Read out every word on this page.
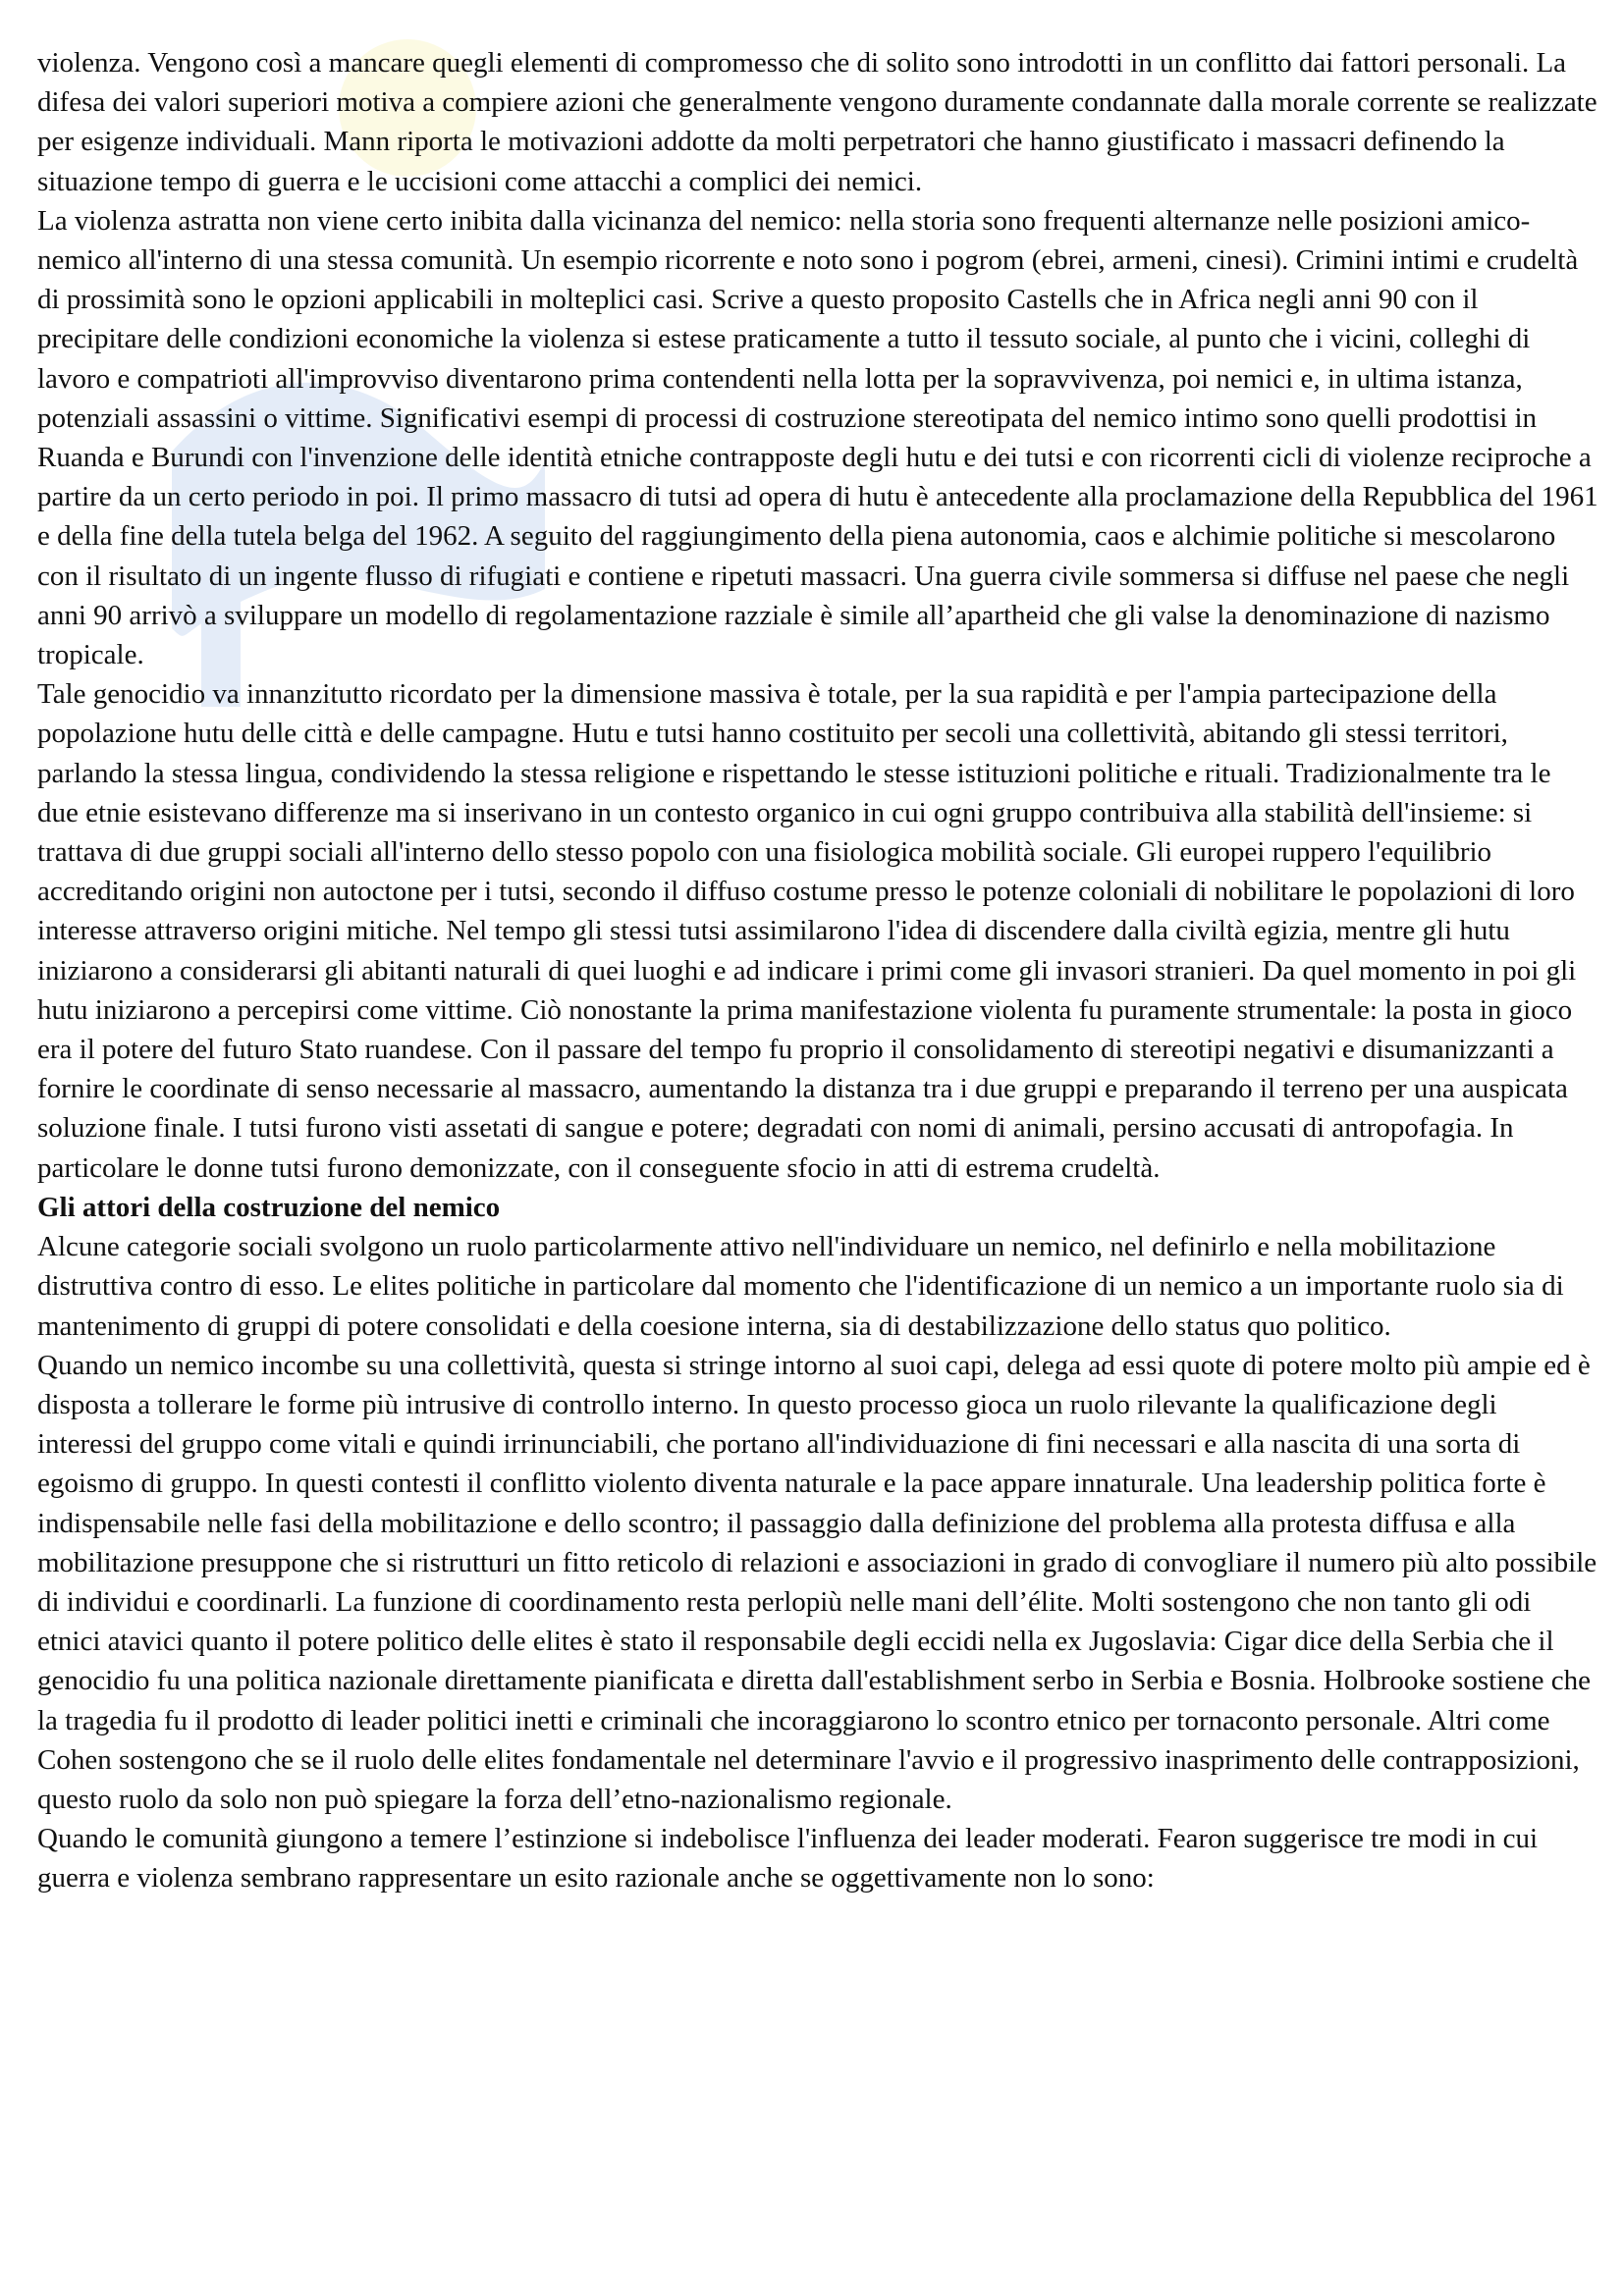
violenza. Vengono così a mancare quegli elementi di compromesso che di solito sono introdotti in un conflitto dai fattori personali. La difesa dei valori superiori motiva a compiere azioni che generalmente vengono duramente condannate dalla morale corrente se realizzate per esigenze individuali. Mann riporta le motivazioni addotte da molti perpetratori che hanno giustificato i massacri definendo la situazione tempo di guerra e le uccisioni come attacchi a complici dei nemici.

La violenza astratta non viene certo inibita dalla vicinanza del nemico: nella storia sono frequenti alternanze nelle posizioni amico-nemico all'interno di una stessa comunità. Un esempio ricorrente e noto sono i pogrom (ebrei, armeni, cinesi). Crimini intimi e crudeltà di prossimità sono le opzioni applicabili in molteplici casi. Scrive a questo proposito Castells che in Africa negli anni 90 con il precipitare delle condizioni economiche la violenza si estese praticamente a tutto il tessuto sociale, al punto che i vicini, colleghi di lavoro e compatrioti all'improvviso diventarono prima contendenti nella lotta per la sopravvivenza, poi nemici e, in ultima istanza, potenziali assassini o vittime. Significativi esempi di processi di costruzione stereotipata del nemico intimo sono quelli prodottisi in Ruanda e Burundi con l'invenzione delle identità etniche contrapposte degli hutu e dei tutsi e con ricorrenti cicli di violenze reciproche a partire da un certo periodo in poi. Il primo massacro di tutsi ad opera di hutu è antecedente alla proclamazione della Repubblica del 1961 e della fine della tutela belga del 1962. A seguito del raggiungimento della piena autonomia, caos e alchimie politiche si mescolarono con il risultato di un ingente flusso di rifugiati e contiene e ripetuti massacri. Una guerra civile sommersa si diffuse nel paese che negli anni 90 arrivò a sviluppare un modello di regolamentazione razziale è simile all’apartheid che gli valse la denominazione di nazismo tropicale.

Tale genocidio va innanzitutto ricordato per la dimensione massiva è totale, per la sua rapidità e per l'ampia partecipazione della popolazione hutu delle città e delle campagne. Hutu e tutsi hanno costituito per secoli una collettività, abitando gli stessi territori, parlando la stessa lingua, condividendo la stessa religione e rispettando le stesse istituzioni politiche e rituali. Tradizionalmente tra le due etnie esistevano differenze ma si inserivano in un contesto organico in cui ogni gruppo contribuiva alla stabilità dell'insieme: si trattava di due gruppi sociali all'interno dello stesso popolo con una fisiologica mobilità sociale. Gli europei ruppero l'equilibrio accreditando origini non autoctone per i tutsi, secondo il diffuso costume presso le potenze coloniali di nobilitare le popolazioni di loro interesse attraverso origini mitiche. Nel tempo gli stessi tutsi assimilarono l'idea di discendere dalla civiltà egizia, mentre gli hutu iniziarono a considerarsi gli abitanti naturali di quei luoghi e ad indicare i primi come gli invasori stranieri. Da quel momento in poi gli hutu iniziarono a percepirsi come vittime. Ciò nonostante la prima manifestazione violenta fu puramente strumentale: la posta in gioco era il potere del futuro Stato ruandese. Con il passare del tempo fu proprio il consolidamento di stereotipi negativi e disumanizzanti a fornire le coordinate di senso necessarie al massacro, aumentando la distanza tra i due gruppi e preparando il terreno per una auspicata soluzione finale. I tutsi furono visti assetati di sangue e potere; degradati con nomi di animali, persino accusati di antropofagia. In particolare le donne tutsi furono demonizzate, con il conseguente sfocio in atti di estrema crudeltà.

Gli attori della costruzione del nemico

Alcune categorie sociali svolgono un ruolo particolarmente attivo nell'individuare un nemico, nel definirlo e nella mobilitazione distruttiva contro di esso. Le elites politiche in particolare dal momento che l'identificazione di un nemico a un importante ruolo sia di mantenimento di gruppi di potere consolidati e della coesione interna, sia di destabilizzazione dello status quo politico.

Quando un nemico incombe su una collettività, questa si stringe intorno al suoi capi, delega ad essi quote di potere molto più ampie ed è disposta a tollerare le forme più intrusive di controllo interno. In questo processo gioca un ruolo rilevante la qualificazione degli interessi del gruppo come vitali e quindi irrinunciabili, che portano all'individuazione di fini necessari e alla nascita di una sorta di egoismo di gruppo. In questi contesti il conflitto violento diventa naturale e la pace appare innaturale. Una leadership politica forte è indispensabile nelle fasi della mobilitazione e dello scontro; il passaggio dalla definizione del problema alla protesta diffusa e alla mobilitazione presuppone che si ristrutturi un fitto reticolo di relazioni e associazioni in grado di convogliare il numero più alto possibile di individui e coordinarli. La funzione di coordinamento resta perlopiù nelle mani dell’élite. Molti sostengono che non tanto gli odi etnici atavici quanto il potere politico delle elites è stato il responsabile degli eccidi nella ex Jugoslavia: Cigar dice della Serbia che il genocidio fu una politica nazionale direttamente pianificata e diretta dall'establishment serbo in Serbia e Bosnia. Holbrooke sostiene che la tragedia fu il prodotto di leader politici inetti e criminali che incoraggiarono lo scontro etnico per tornaconto personale. Altri come Cohen sostengono che se il ruolo delle elites fondamentale nel determinare l'avvio e il progressivo inasprimento delle contrapposizioni, questo ruolo da solo non può spiegare la forza dell’etno-nazionalismo regionale.

Quando le comunità giungono a temere l’estinzione si indebolisce l'influenza dei leader moderati. Fearon suggerisce tre modi in cui guerra e violenza sembrano rappresentare un esito razionale anche se oggettivamente non lo sono:
